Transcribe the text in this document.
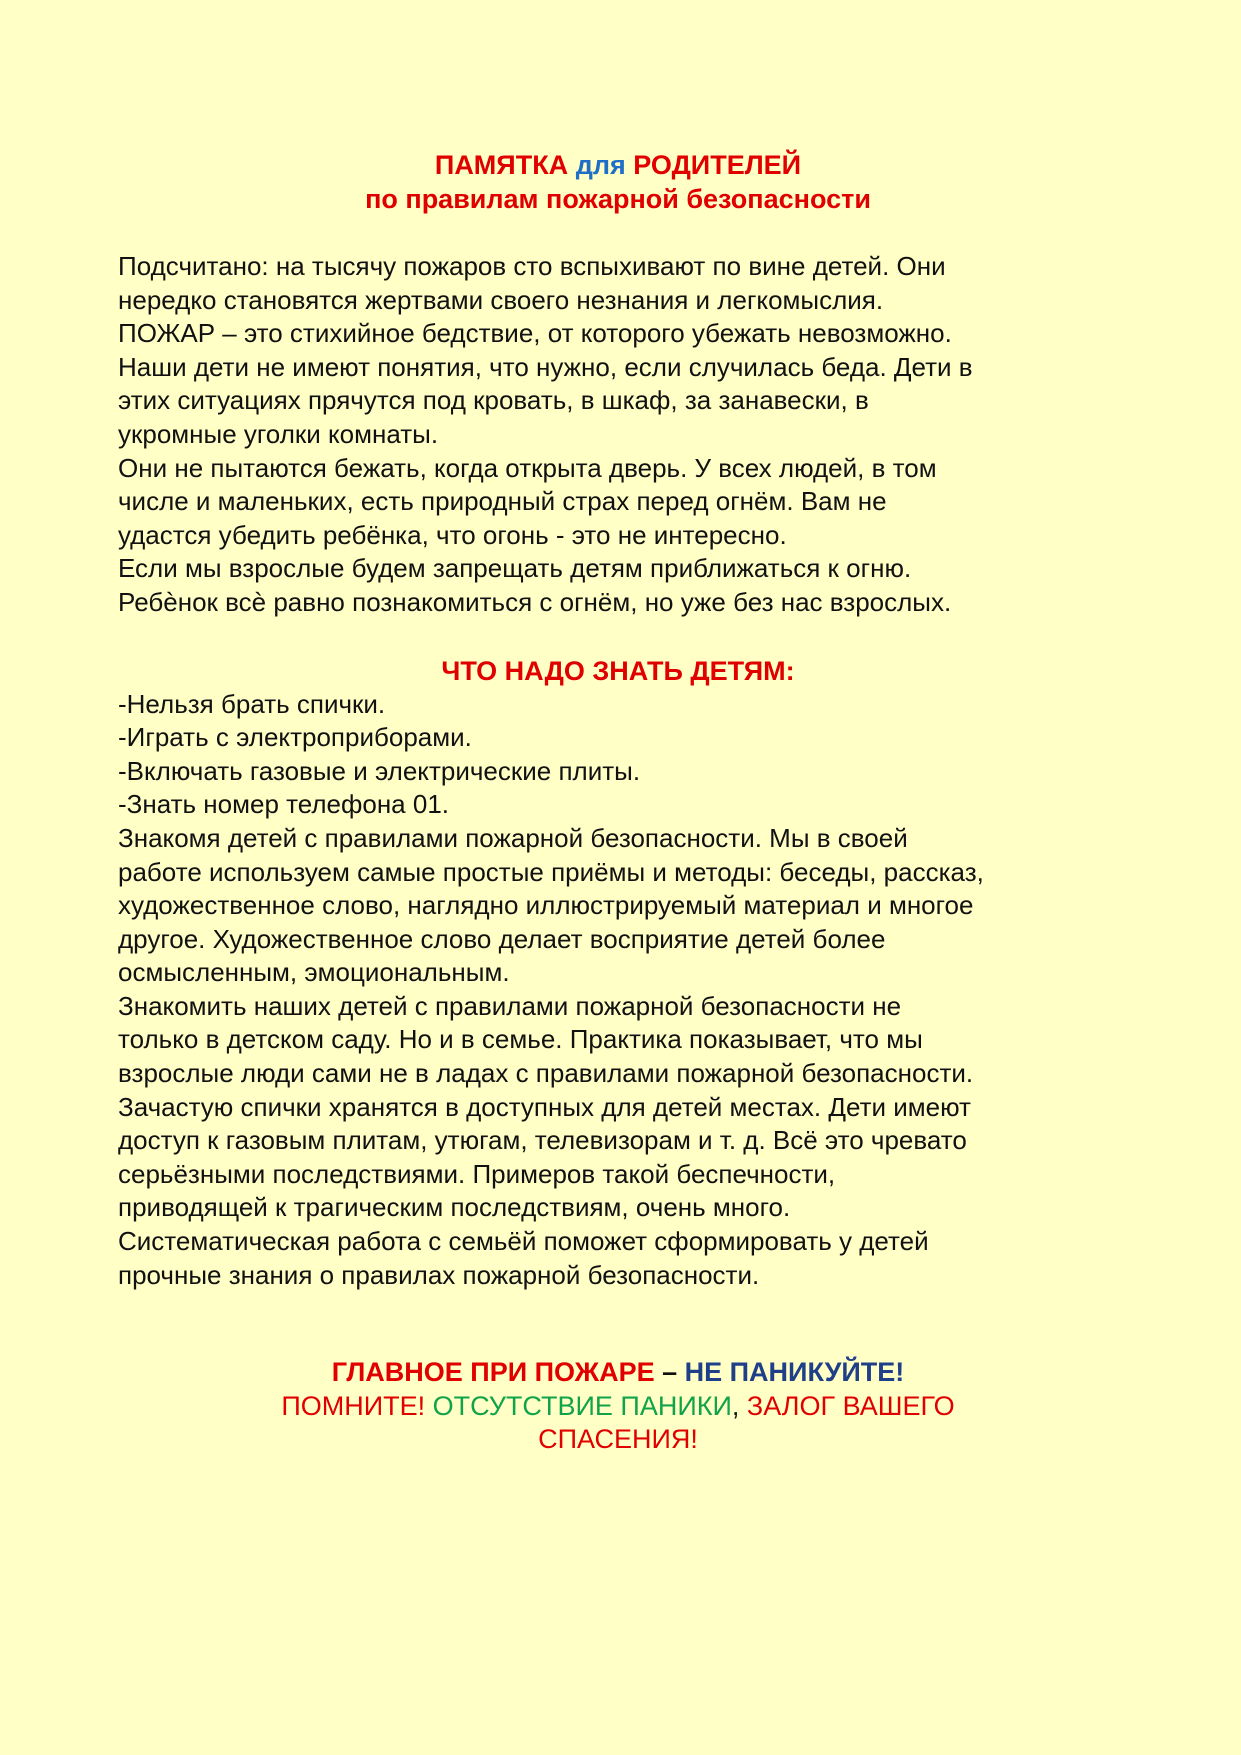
ПАМЯТКА для РОДИТЕЛЕЙ
по правилам пожарной безопасности

Подсчитано: на тысячу пожаров сто вспыхивают по вине детей. Они

нередко становятся жертвами своего незнания и легкомыслия.

ПОЖАР – это стихийное бедствие, от которого убежать невозможно.

Наши дети не имеют понятия, что нужно, если случилась беда. Дети в

этих ситуациях прячутся под кровать, в шкаф, за занавески, в

укромные уголки комнаты.

Они не пытаются бежать, когда открыта дверь. У всех людей, в том

числе и маленьких, есть природный страх перед огнём. Вам не

удастся убедить ребёнка, что огонь - это не интересно.

Если мы взрослые будем запрещать детям приближаться к огню.

Ребѐнок всѐ равно познакомиться с огнём, но уже без нас взрослых.

ЧТО НАДО ЗНАТЬ ДЕТЯМ:

-Нельзя брать спички.

-Играть с электроприборами.

-Включать газовые и электрические плиты.

-Знать номер телефона 01.

Знакомя детей с правилами пожарной безопасности. Мы в своей

работе используем самые простые приёмы и методы: беседы, рассказ,

художественное слово, наглядно иллюстрируемый материал и многое

другое. Художественное слово делает восприятие детей более

осмысленным, эмоциональным.

Знакомить наших детей с правилами пожарной безопасности не

только в детском саду. Но и в семье. Практика показывает, что мы

взрослые люди сами не в ладах с правилами пожарной безопасности.

Зачастую спички хранятся в доступных для детей местах. Дети имеют

доступ к газовым плитам, утюгам, телевизорам и т. д. Всё это чревато

серьёзными последствиями. Примеров такой беспечности,

приводящей к трагическим последствиям, очень много.

Систематическая работа с семьёй поможет сформировать у детей

прочные знания о правилах пожарной безопасности.

ГЛАВНОЕ ПРИ ПОЖАРЕ – НЕ ПАНИКУЙТЕ!
ПОМНИТЕ! ОТСУТСТВИЕ ПАНИКИ, ЗАЛОГ ВАШЕГО
СПАСЕНИЯ!
